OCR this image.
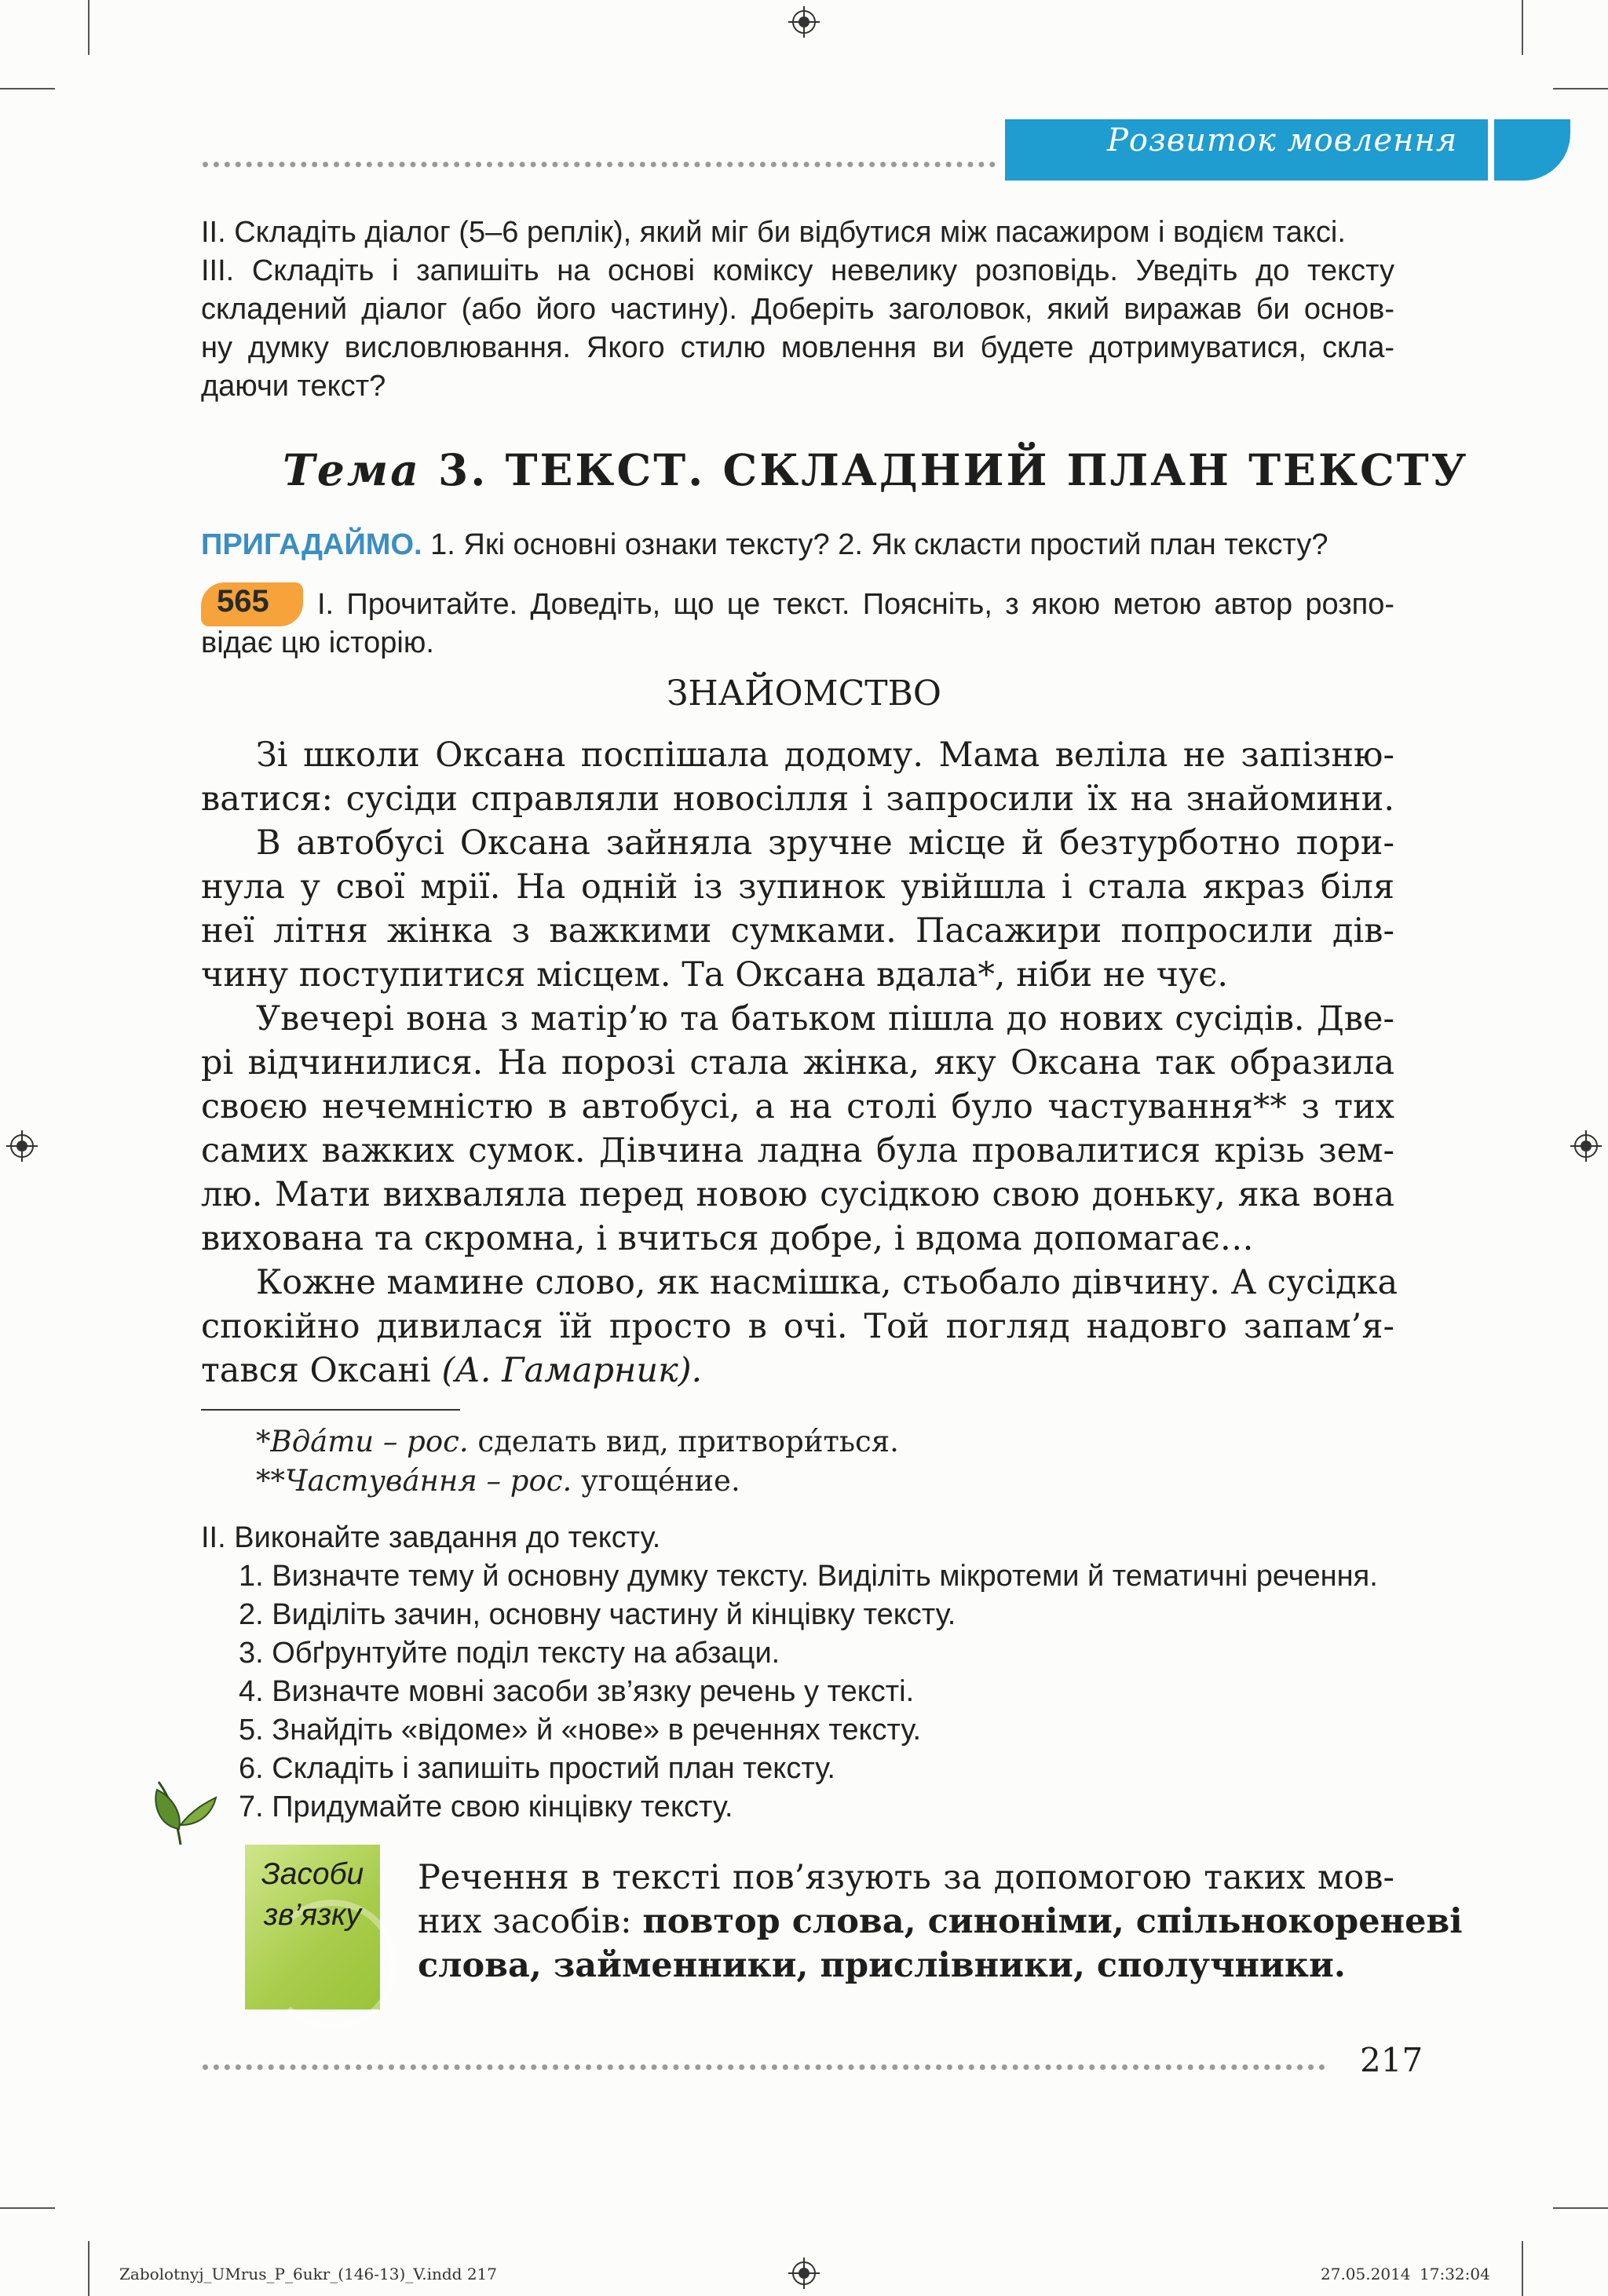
Розвиток мовлення
II. Складіть діалог (5–6 реплік), який міг би відбутися між пасажиром і водієм таксі.
III. Складіть і запишіть на основі коміксу невелику розповідь. Уведіть до тексту
складений діалог (або його частину). Доберіть заголовок, який виражав би основ-
ну думку висловлювання. Якого стилю мовлення ви будете дотримуватися, скла-
даючи текст?
Тема 3. ТЕКСТ. СКЛАДНИЙ ПЛАН ТЕКСТУ
ПРИГАДАЙМО. 1. Які основні ознаки тексту? 2. Як скласти простий план тексту?
565	I. Прочитайте. Доведіть, що це текст. Поясніть, з якою метою автор розпо-
відає цю історію.
ЗНАЙОМСТВО
Зі школи Оксана поспішала додому. Мама веліла не запізню-
ватися: сусіди справляли новосілля і запросили їх на знайомини.
В автобусі Оксана зайняла зручне місце й безтурботно пори-
нула у свої мрії. На одній із зупинок увійшла і стала якраз біля
неї літня жінка з важкими сумками. Пасажири попросили дів-
чину поступитися місцем. Та Оксана вдала*, ніби не чує.
Увечері вона з матір’ю та батьком пішла до нових сусідів. Две-
рі відчинилися. На порозі стала жінка, яку Оксана так образила
своєю нечемністю в автобусі, а на столі було частування** з тих
самих важких сумок. Дівчина ладна була провалитися крізь зем-
лю. Мати вихваляла перед новою сусідкою свою доньку, яка вона
вихована та скромна, і вчиться добре, і вдома допомагає…
Кожне мамине слово, як насмішка, стьобало дівчину. А сусідка
спокійно дивилася їй просто в очі. Той погляд надовго запам’я-
тався Оксані (А. Гамарник).
*Вда́ти – рос. сделать вид, притвори́ться.
**Частува́ння – рос. угоще́ние.
II. Виконайте завдання до тексту.
1. Визначте тему й основну думку тексту. Виділіть мікротеми й тематичні речення.
2. Виділіть зачин, основну частину й кінцівку тексту.
3. Обґрунтуйте поділ тексту на абзаци.
4. Визначте мовні засоби зв’язку речень у тексті.
5. Знайдіть «відоме» й «нове» в реченнях тексту.
6. Складіть і запишіть простий план тексту.
7. Придумайте свою кінцівку тексту.
Засоби
зв’язку
Речення в тексті пов’язують за допомогою таких мов-
них засобів: повтор слова, синоніми, спільнокореневі
слова, займенники, прислівники, сполучники.
217
Zabolotnyj_UMrus_P_6ukr_(146-13)_V.indd 217	27.05.2014 17:32:04
